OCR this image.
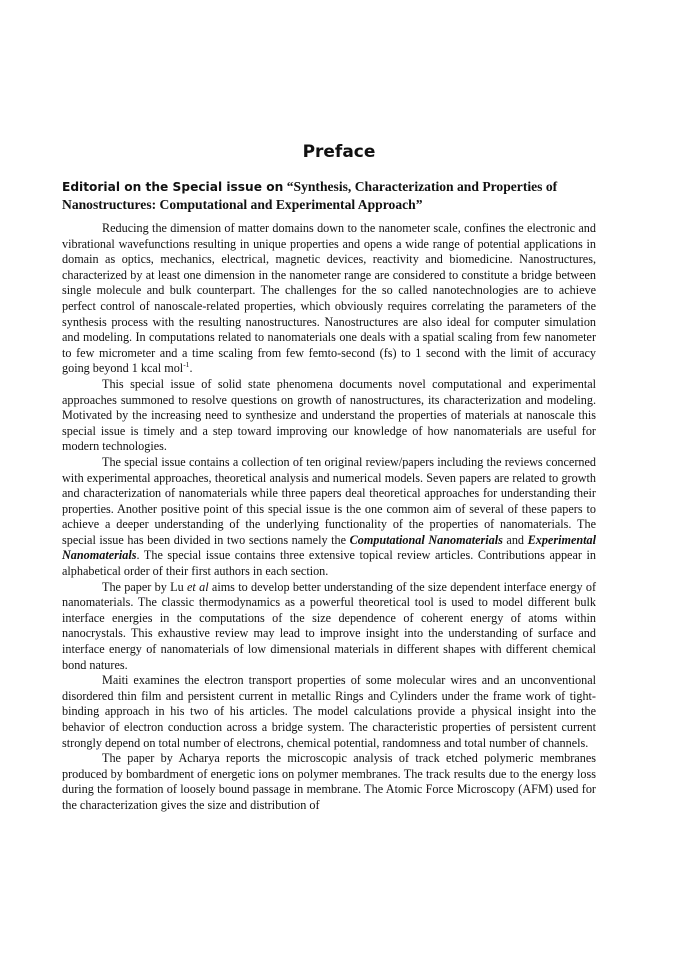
Preface
Editorial on the Special issue on “Synthesis, Characterization and Properties of Nanostructures: Computational and Experimental Approach”

Reducing the dimension of matter domains down to the nanometer scale, confines the electronic and vibrational wavefunctions resulting in unique properties and opens a wide range of potential applications in domain as optics, mechanics, electrical, magnetic devices, reactivity and biomedicine. Nanostructures, characterized by at least one dimension in the nanometer range are considered to constitute a bridge between single molecule and bulk counterpart. The challenges for the so called nanotechnologies are to achieve perfect control of nanoscale-related properties, which obviously requires correlating the parameters of the synthesis process with the resulting nanostructures. Nanostructures are also ideal for computer simulation and modeling. In computations related to nanomaterials one deals with a spatial scaling from few nanometer to few micrometer and a time scaling from few femto-second (fs) to 1 second with the limit of accuracy going beyond 1 kcal mol$^{-1}$.

This special issue of solid state phenomena documents novel computational and experimental approaches summoned to resolve questions on growth of nanostructures, its characterization and modeling. Motivated by the increasing need to synthesize and understand the properties of materials at nanoscale this special issue is timely and a step toward improving our knowledge of how nanomaterials are useful for modern technologies.

The special issue contains a collection of ten original review/papers including the reviews concerned with experimental approaches, theoretical analysis and numerical models. Seven papers are related to growth and characterization of nanomaterials while three papers deal theoretical approaches for understanding their properties. Another positive point of this special issue is the one common aim of several of these papers to achieve a deeper understanding of the underlying functionality of the properties of nanomaterials. The special issue has been divided in two sections namely the Computational Nanomaterials and Experimental Nanomaterials. The special issue contains three extensive topical review articles. Contributions appear in alphabetical order of their first authors in each section.

The paper by Lu et al aims to develop better understanding of the size dependent interface energy of nanomaterials. The classic thermodynamics as a powerful theoretical tool is used to model different bulk interface energies in the computations of the size dependence of coherent energy of atoms within nanocrystals. This exhaustive review may lead to improve insight into the understanding of surface and interface energy of nanomaterials of low dimensional materials in different shapes with different chemical bond natures.

Maiti examines the electron transport properties of some molecular wires and an unconventional disordered thin film and persistent current in metallic Rings and Cylinders under the frame work of tight-binding approach in his two of his articles. The model calculations provide a physical insight into the behavior of electron conduction across a bridge system. The characteristic properties of persistent current strongly depend on total number of electrons, chemical potential, randomness and total number of channels.

The paper by Acharya reports the microscopic analysis of track etched polymeric membranes produced by bombardment of energetic ions on polymer membranes. The track results due to the energy loss during the formation of loosely bound passage in membrane. The Atomic Force Microscopy (AFM) used for the characterization gives the size and distribution of
